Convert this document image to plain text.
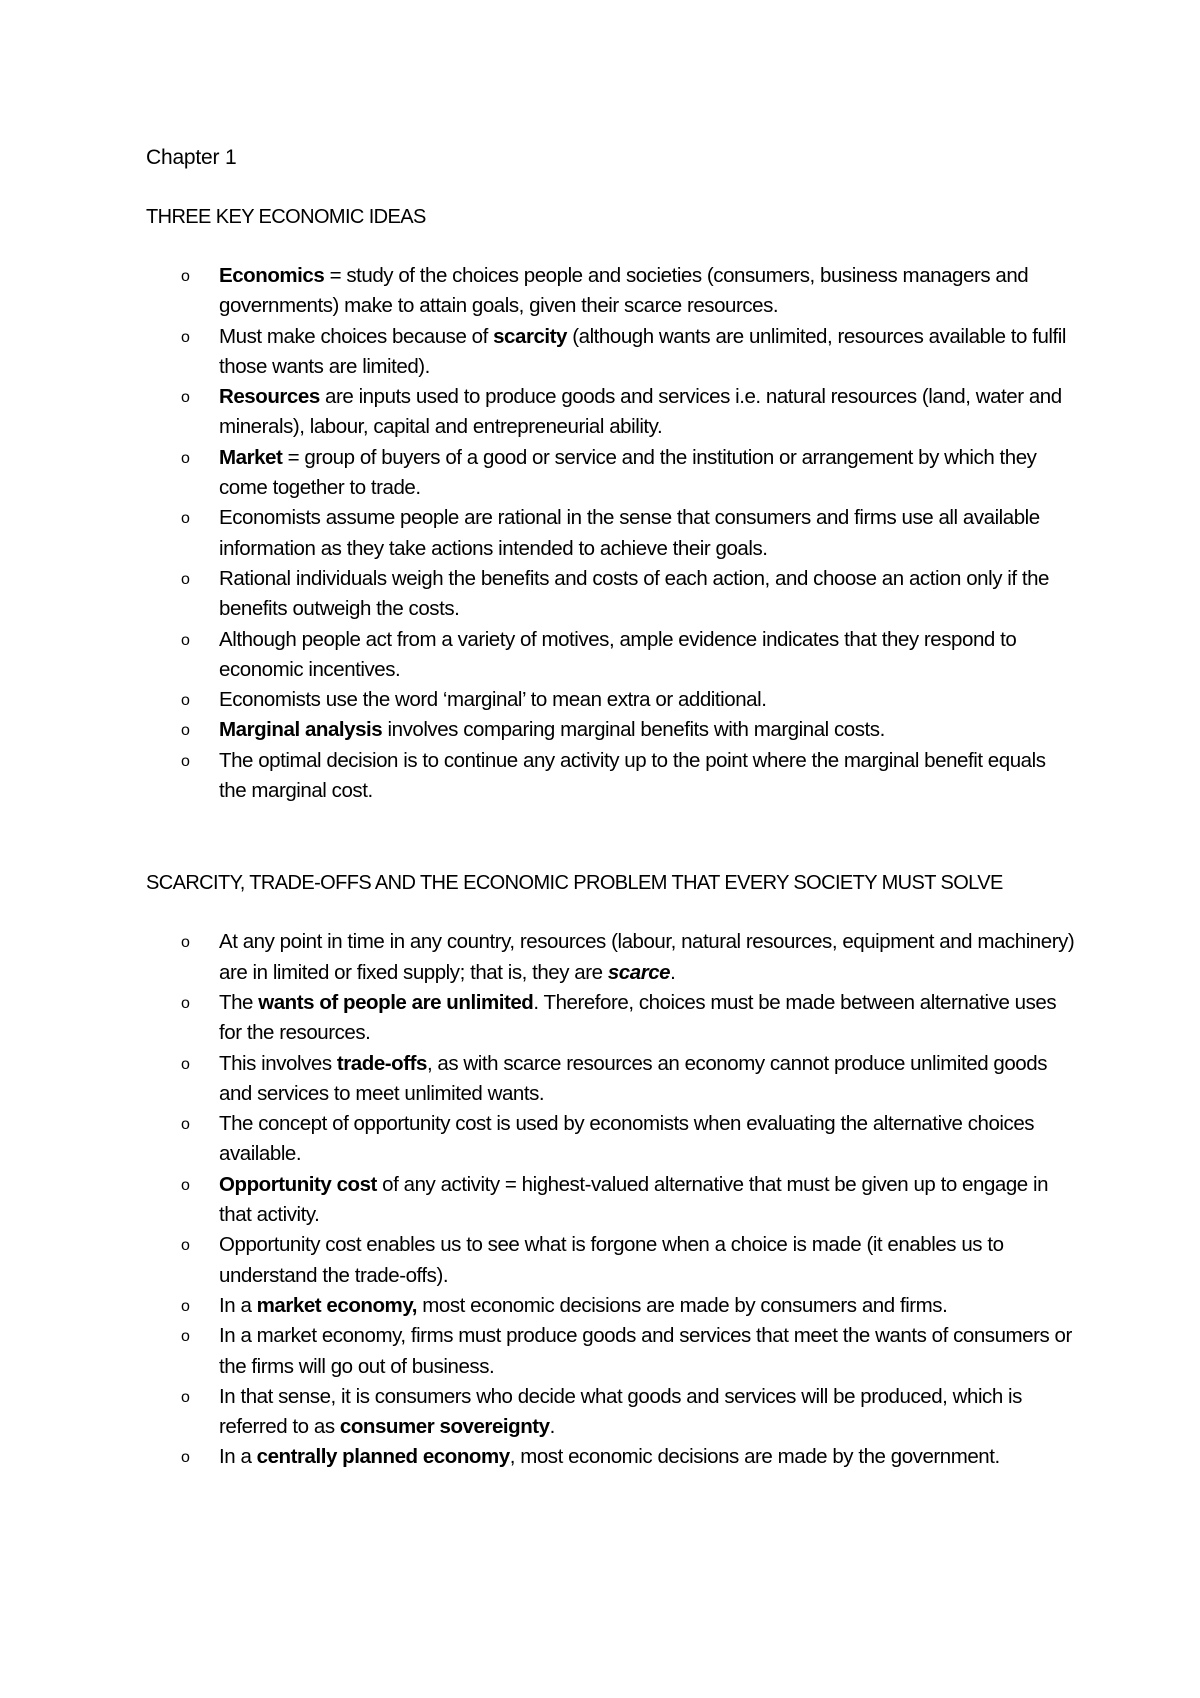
Chapter 1
THREE KEY ECONOMIC IDEAS
o Economics = study of the choices people and societies (consumers, business managers and governments) make to attain goals, given their scarce resources.
o Must make choices because of scarcity (although wants are unlimited, resources available to fulfil those wants are limited).
o Resources are inputs used to produce goods and services i.e. natural resources (land, water and minerals), labour, capital and entrepreneurial ability.
o Market = group of buyers of a good or service and the institution or arrangement by which they come together to trade.
o Economists assume people are rational in the sense that consumers and firms use all available information as they take actions intended to achieve their goals.
o Rational individuals weigh the benefits and costs of each action, and choose an action only if the benefits outweigh the costs.
o Although people act from a variety of motives, ample evidence indicates that they respond to economic incentives.
o Economists use the word ‘marginal’ to mean extra or additional.
o Marginal analysis involves comparing marginal benefits with marginal costs.
o The optimal decision is to continue any activity up to the point where the marginal benefit equals the marginal cost.
SCARCITY, TRADE-OFFS AND THE ECONOMIC PROBLEM THAT EVERY SOCIETY MUST SOLVE
o At any point in time in any country, resources (labour, natural resources, equipment and machinery) are in limited or fixed supply; that is, they are scarce.
o The wants of people are unlimited. Therefore, choices must be made between alternative uses for the resources.
o This involves trade-offs, as with scarce resources an economy cannot produce unlimited goods and services to meet unlimited wants.
o The concept of opportunity cost is used by economists when evaluating the alternative choices available.
o Opportunity cost of any activity = highest-valued alternative that must be given up to engage in that activity.
o Opportunity cost enables us to see what is forgone when a choice is made (it enables us to understand the trade-offs).
o In a market economy, most economic decisions are made by consumers and firms.
o In a market economy, firms must produce goods and services that meet the wants of consumers or the firms will go out of business.
o In that sense, it is consumers who decide what goods and services will be produced, which is referred to as consumer sovereignty.
o In a centrally planned economy, most economic decisions are made by the government.
